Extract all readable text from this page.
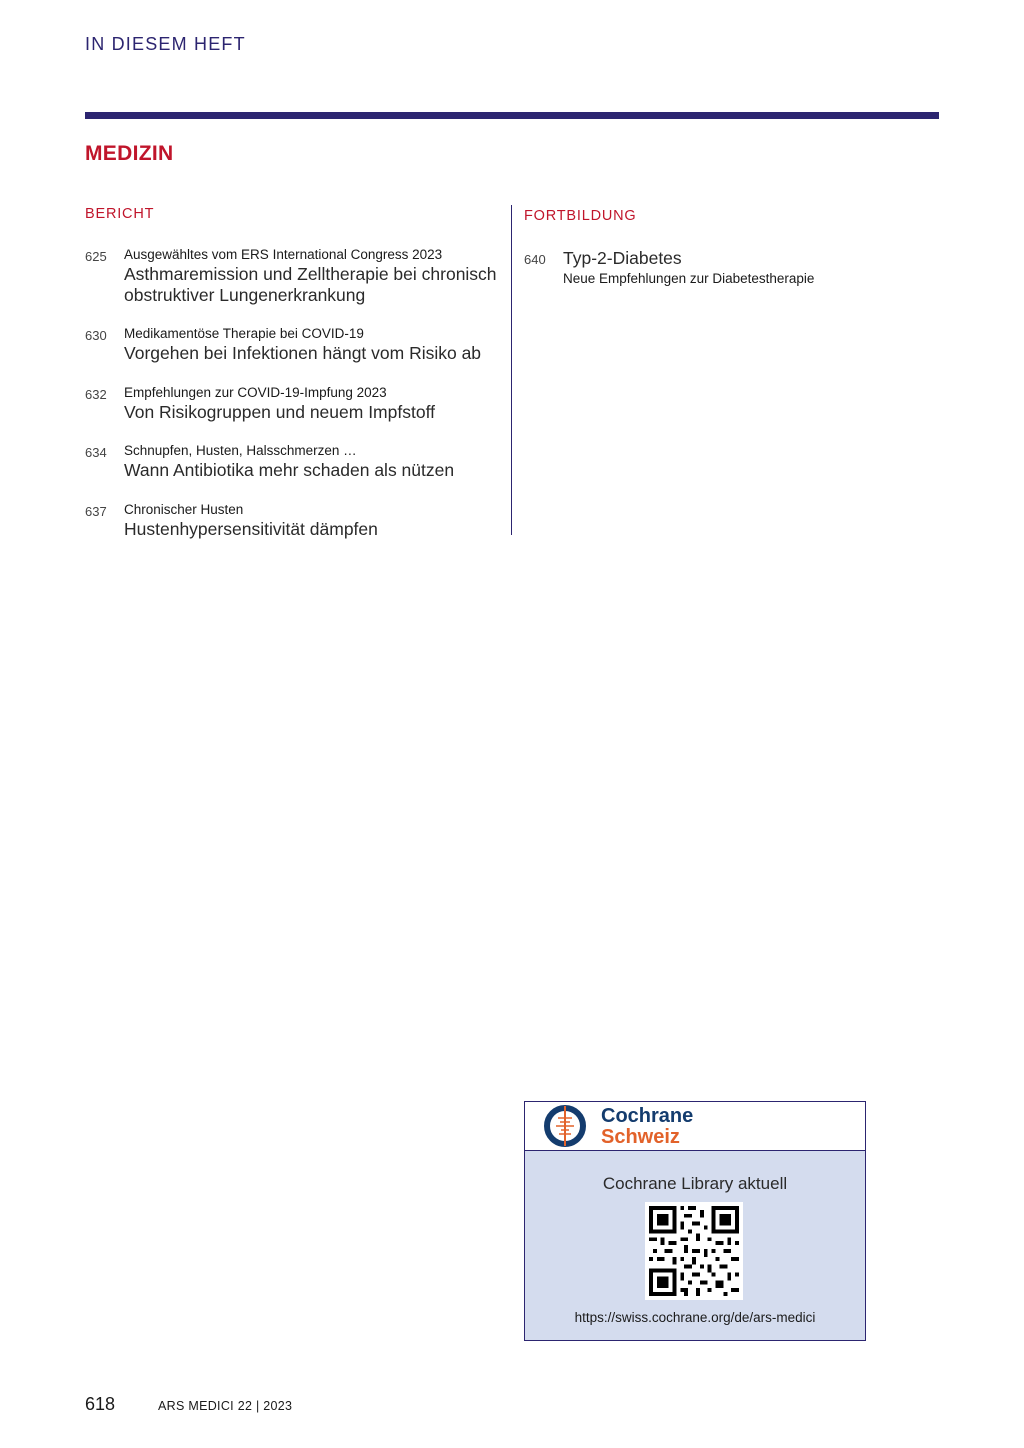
IN DIESEM HEFT
MEDIZIN
BERICHT	FORTBILDUNG
625 Ausgewähltes vom ERS International Congress 2023
Asthmaremission und Zelltherapie bei chronisch obstruktiver Lungenerkrankung
630 Medikamentöse Therapie bei COVID-19
Vorgehen bei Infektionen hängt vom Risiko ab
632 Empfehlungen zur COVID-19-Impfung 2023
Von Risikogruppen und neuem Impfstoff
634 Schnupfen, Husten, Halsschmerzen …
Wann Antibiotika mehr schaden als nützen
637 Chronischer Husten
Hustenhypersensitivität dämpfen
640 Typ-2-Diabetes
Neue Empfehlungen zur Diabetestherapie
Cochrane
Schweiz
Cochrane Library aktuell
https://swiss.cochrane.org/de/ars-medici
618	ARS MEDICI 22 | 2023
